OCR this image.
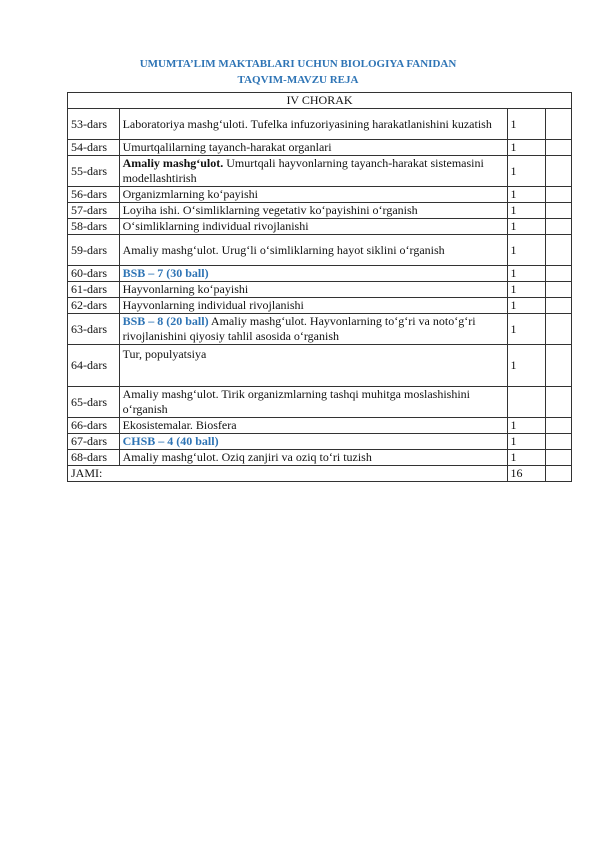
UMUMTA’LIM MAKTABLARI UCHUN BIOLOGIYA FANIDAN
TAQVIM-MAVZU REJA
IV CHORAK			
53-dars	Laboratoriya mashg‘uloti. Tufelka infuzoriyasining harakatlanishini kuzatish	1	
54-dars	Umurtqalilarning tayanch-harakat organlari	1	
55-dars	Amaliy mashg‘ulot. Umurtqali hayvonlarning tayanch-harakat sistemasini modellashtirish	1	
56-dars	Organizmlarning ko‘payishi	1	
57-dars	Loyiha ishi. O‘simliklarning vegetativ ko‘payishini o‘rganish	1	
58-dars	O‘simliklarning individual rivojlanishi	1	
59-dars	Amaliy mashg‘ulot. Urug‘li o‘simliklarning hayot siklini o‘rganish	1	
60-dars	BSB – 7 (30 ball)	1	
61-dars	Hayvonlarning ko‘payishi	1	
62-dars	Hayvonlarning individual rivojlanishi	1	
63-dars	BSB – 8 (20 ball) Amaliy mashg‘ulot. Hayvonlarning to‘g‘ri va noto‘g‘ri rivojlanishini qiyosiy tahlil asosida o‘rganish	1	
64-dars	Tur, populyatsiya	1	
65-dars	Amaliy mashg‘ulot. Tirik organizmlarning tashqi muhitga moslashishini o‘rganish		
66-dars	Ekosistemalar. Biosfera	1	
67-dars	CHSB – 4 (40 ball)	1	
68-dars	Amaliy mashg‘ulot. Oziq zanjiri va oziq to‘ri tuzish	1	
JAMI:		16	
